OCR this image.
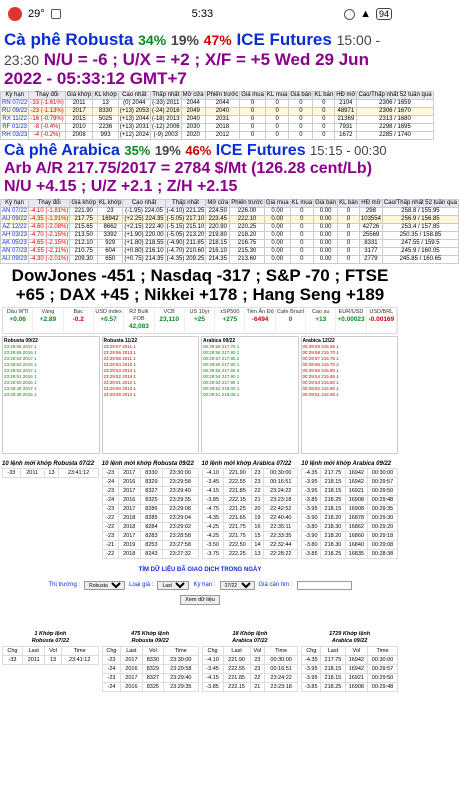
29°	5:33	▲ 94
Cà phê Robusta 34% 19% 47% ICE Futures 15:00 - 23:30 N/U = -6 ; U/X = +2 ; X/F = +5 Wed 29 Jun 2022 - 05:33:12 GMT+7
Kỳ hạn	Thay đổi	Giá khớp	KL khớp	Cao nhất	Thấp nhất	Mở cửa	Phiên trước	Giá mua	KL mua	Giá bán	KL bán	HĐ mở	Cao/Thấp nhất 52 tuần qua
RN 07/22	-33 (-1.61%)	2011	13	(0) 2044	(-33) 2011	2044	2044	0	0	0	0	2104	2306 / 1659
RU 09/22	-23 (-1.13%)	2017	8330	(+13) 2053	(-24) 2016	2049	2040	0	0	0	0	48971	2306 / 1670
RX 11/22	-16 (-0.79%)	2015	5025	(+13) 2044	(-18) 2013	2040	2031	0	0	0	0	21369	2313 / 1680
RF 01/23	-8 (-0.4%)	2010	2236	(+13) 2031	(-12) 2006	2030	2018	0	0	0	0	7931	2298 / 1695
RH 03/23	-4 (-0.2%)	2008	993	(+12) 2024	(-9) 2003	2020	2012	0	0	0	0	1672	2285 / 1740
Cà phê Arabica 35% 19% 46% ICE Futures 15:15 - 00:30 Arb A/R 217.75/2017 = 2784 $/Mt (126.28 cent/Lb) N/U +4.15 ; U/Z +2.1 ; Z/H +2.15
Kỳ hạn	Thay đổi	Giá khớp	KL khớp	Cao nhất	Thấp nhất	Mở cửa	Phiên trước	Giá mua	KL mua	Giá bán	KL bán	HĐ mở	Cao/Thấp nhất 52 tuần qua
AN 07/22	-4.10 (-1.81%)	221.90	23	(-1.95) 224.05	(-4.10) 221.25	224.50	226.00	0.00	0	0.00	0	298	258.8 / 155.95
AU 09/22	-4.35 (-1.91%)	217.75	16942	(+2.25) 224.35	(-5.05) 217.10	223.45	222.10	0.00	0	0.00	0	103554	256.9 / 156.85
AZ 12/22	-4.60 (-2.08%)	215.65	8662	(+2.15) 222.40	(-5.15) 215.10	220.90	220.25	0.00	0	0.00	0	42726	253.4 / 157.85
AH 03/23	-4.70 (-2.15%)	213.50	3392	(+1.90) 220.00	(-5.05) 213.20	219.80	218.20	0.00	0	0.00	0	25569	250.35 / 158.85
AK 05/23	-4.65 (-2.15%)	212.10	929	(+1.80) 218.55	(-4.90) 211.85	218.15	216.75	0.00	0	0.00	0	8331	247.55 / 159.5
AN 07/23	-4.55 (-2.11%)	210.75	604	(+0.80) 216.10	(-4.70) 210.60	216.10	215.30	0.00	0	0.00	0	3177	245.9 / 160.05
AU 09/23	-4.30 (-2.01%)	209.30	650	(+0.75) 214.35	(-4.35) 209.25	214.35	213.60	0.00	0	0.00	0	2779	245.85 / 160.65
DowJones -451 ; Nasdaq -317 ; S&P -70 ; FTSE +65 ; DAX +45 ; Nikkei +178 ; Hang Seng +189
Dầu WTI
+0.06
Vàng
+2.89
Bạc
-0.2
USD index
+0.57
R2 Bulk FOB
42,083
VCB
23,110
US 10yr
+25
xSP500
+275
Tiền Ấn Độ
-6494
Cafe Brazil
0
Cao su
+13
EUR/USD
+0.00023
USD/BRL
-0.00169
Robusta 09/22
23:29:58 2017 1
23:29:59 2016 1
23:29:54 2017 1
23:29:53 2016 1
23:29:52 2017 1
23:29:51 2016 1
23:29:50 2016 1
23:29:49 2017 1
23:29:48 2016 1
Robusta 11/22
23:29:57 2011 1
23:29:56 2013 1
23:29:55 2011 1
23:29:54 2012 1
23:29:53 2013 1
23:29:52 2014 1
23:29:51 2012 1
23:29:50 2013 1
23:29:49 2012 1
Arabica 09/22
00:29:59 217.75 1
00:29:58 217.80 1
00:29:57 217.85 2
00:29:56 217.80 1
00:29:55 217.85 3
00:29:54 217.90 1
00:29:53 217.95 1
00:29:52 218.00 1
00:29:51 218.05 1
Arabica 12/22
00:29:59 215.65 1
00:29:58 215.70 1
00:29:57 215.75 1
00:29:56 215.70 2
00:29:55 215.80 1
00:29:54 215.85 1
00:29:53 215.80 1
00:29:52 215.90 1
00:29:51 215.95 1
10 lệnh mới khớp Robusta 07/22
-33	2011	13	23:41:12
10 lệnh mới khớp Robusta 09/22
-23	2017	8330	23:30:00
-24	2016	8329	23:29:58
-23	2017	8327	23:29:40
-24	2016	8325	23:29:35
-23	2017	8286	23:29:08
-22	2018	8285	23:29:04
-22	2018	8284	23:29:02
-23	2017	8283	23:28:58
-21	2019	8253	23:27:58
-22	2018	8243	23:27:32
10 lệnh mới khớp Arabica 07/22
-4.10	221.90	23	00:30:00
-3.45	222.55	23	00:16:51
-4.15	221.85	22	23:24:22
-3.85	222.15	21	23:23:18
-4.75	221.25	20	22:42:52
-4.35	221.65	19	22:40:40
-4.25	221.75	16	22:35:11
-4.25	221.75	15	22:33:35
-3.50	222.50	14	22:32:44
-3.75	222.25	13	22:28:22
10 lệnh mới khớp Arabica 09/22
-4.35	217.75	16942	00:30:00
-3.95	218.15	16942	00:29:57
-3.95	218.15	16921	00:29:50
-3.85	218.25	16908	00:29:48
-3.95	218.15	16908	00:29:35
-3.90	218.20	16878	00:29:30
-3.80	218.30	16862	00:29:20
-3.90	218.20	16860	00:29:18
-3.80	218.30	16840	00:29:08
-3.85	218.25	16835	00:28:38
TÌM DỮ LIỆU ĐÃ GIAO DỊCH TRONG NGÀY
Thị trường :
Robusta	Loại giá :
Last	Kỳ hạn :
07/22	Giá cần tìm :
Xem dữ liệu
1 Khớp lệnh
Robusta 07/22
Chg	Last	Vol	Time
-33	2011	13	23:41:12
475 Khớp lệnh
Robusta 09/22
Chg	Last	Vol	Time
-23	2017	8330	23:30:00
-24	2016	8329	23:29:58
-23	2017	8327	23:29:40
-24	2016	8325	23:29:35
18 Khớp lệnh
Arabica 07/22
Chg	Last	Vol	Time
-4.10	221.90	23	00:30:00
-3.45	222.55	23	00:16:51
-4.15	221.85	22	23:24:22
-3.85	222.15	21	23:23:18
1729 Khớp lệnh
Arabica 09/22
Chg	Last	Vol	Time
-4.35	217.75	16942	00:30:00
-3.95	218.15	16942	00:29:57
-3.95	218.15	16921	00:29:50
-3.85	218.25	16908	00:29:48
